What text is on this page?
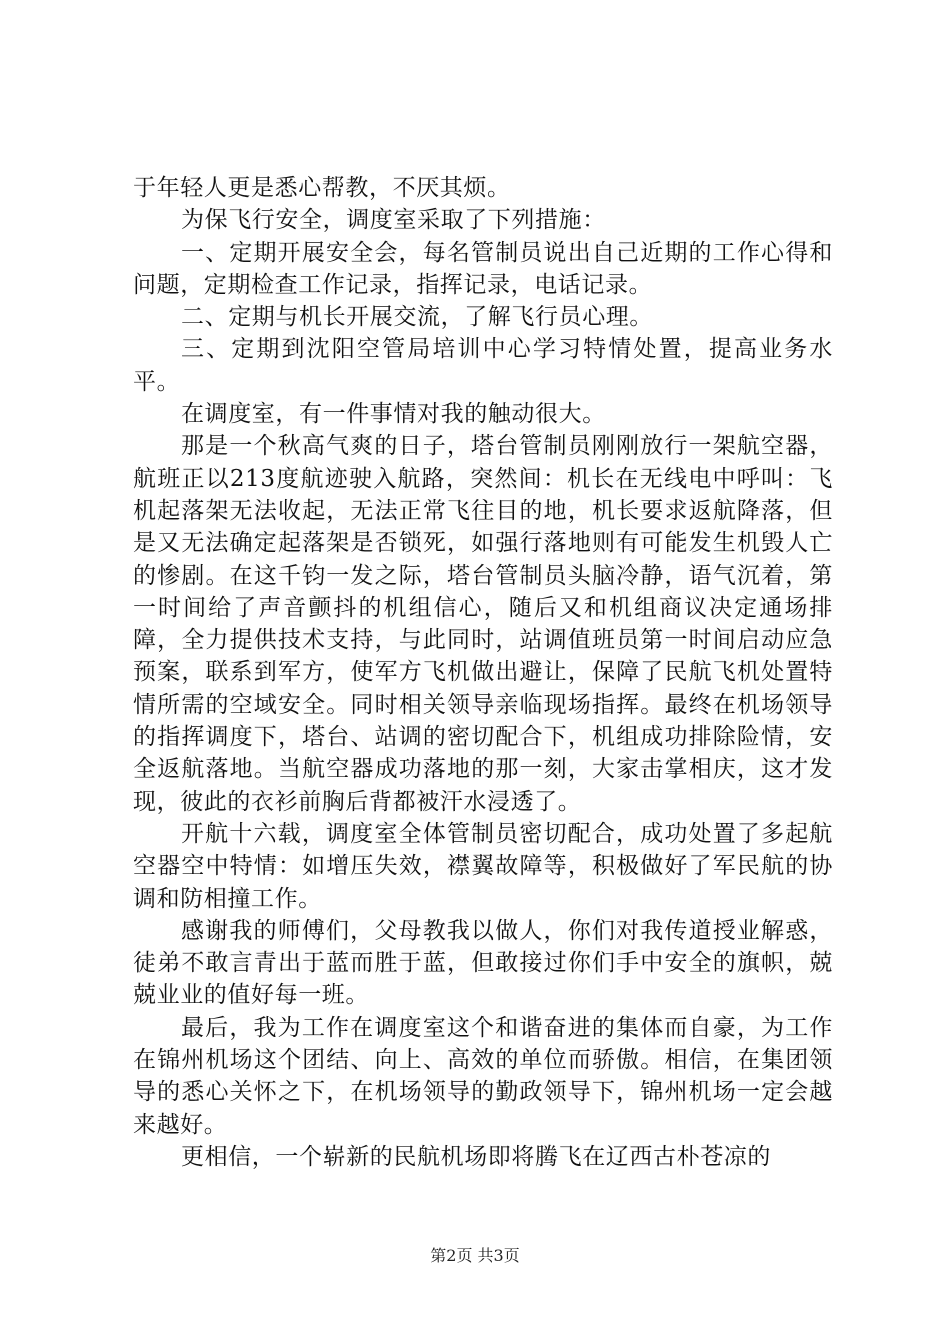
于年轻人更是悉心帮教，不厌其烦。

为保飞行安全，调度室采取了下列措施：

一、定期开展安全会，每名管制员说出自己近期的工作心得和问题，定期检查工作记录，指挥记录，电话记录。

二、定期与机长开展交流，了解飞行员心理。

三、定期到沈阳空管局培训中心学习特情处置，提高业务水平。

在调度室，有一件事情对我的触动很大。

那是一个秋高气爽的日子，塔台管制员刚刚放行一架航空器，航班正以213度航迹驶入航路，突然间：机长在无线电中呼叫：飞机起落架无法收起，无法正常飞往目的地，机长要求返航降落，但是又无法确定起落架是否锁死，如强行落地则有可能发生机毁人亡的惨剧。在这千钧一发之际，塔台管制员头脑冷静，语气沉着，第一时间给了声音颤抖的机组信心，随后又和机组商议决定通场排障，全力提供技术支持，与此同时，站调值班员第一时间启动应急预案，联系到军方，使军方飞机做出避让，保障了民航飞机处置特情所需的空域安全。同时相关领导亲临现场指挥。最终在机场领导的指挥调度下，塔台、站调的密切配合下，机组成功排除险情，安全返航落地。当航空器成功落地的那一刻，大家击掌相庆，这才发现，彼此的衣衫前胸后背都被汗水浸透了。

开航十六载，调度室全体管制员密切配合，成功处置了多起航空器空中特情：如增压失效，襟翼故障等，积极做好了军民航的协调和防相撞工作。

感谢我的师傅们，父母教我以做人，你们对我传道授业解惑，徒弟不敢言青出于蓝而胜于蓝，但敢接过你们手中安全的旗帜，兢兢业业的值好每一班。

最后，我为工作在调度室这个和谐奋进的集体而自豪，为工作在锦州机场这个团结、向上、高效的单位而骄傲。相信，在集团领导的悉心关怀之下，在机场领导的勤政领导下，锦州机场一定会越来越好。

更相信，一个崭新的民航机场即将腾飞在辽西古朴苍凉的

第2页 共3页
